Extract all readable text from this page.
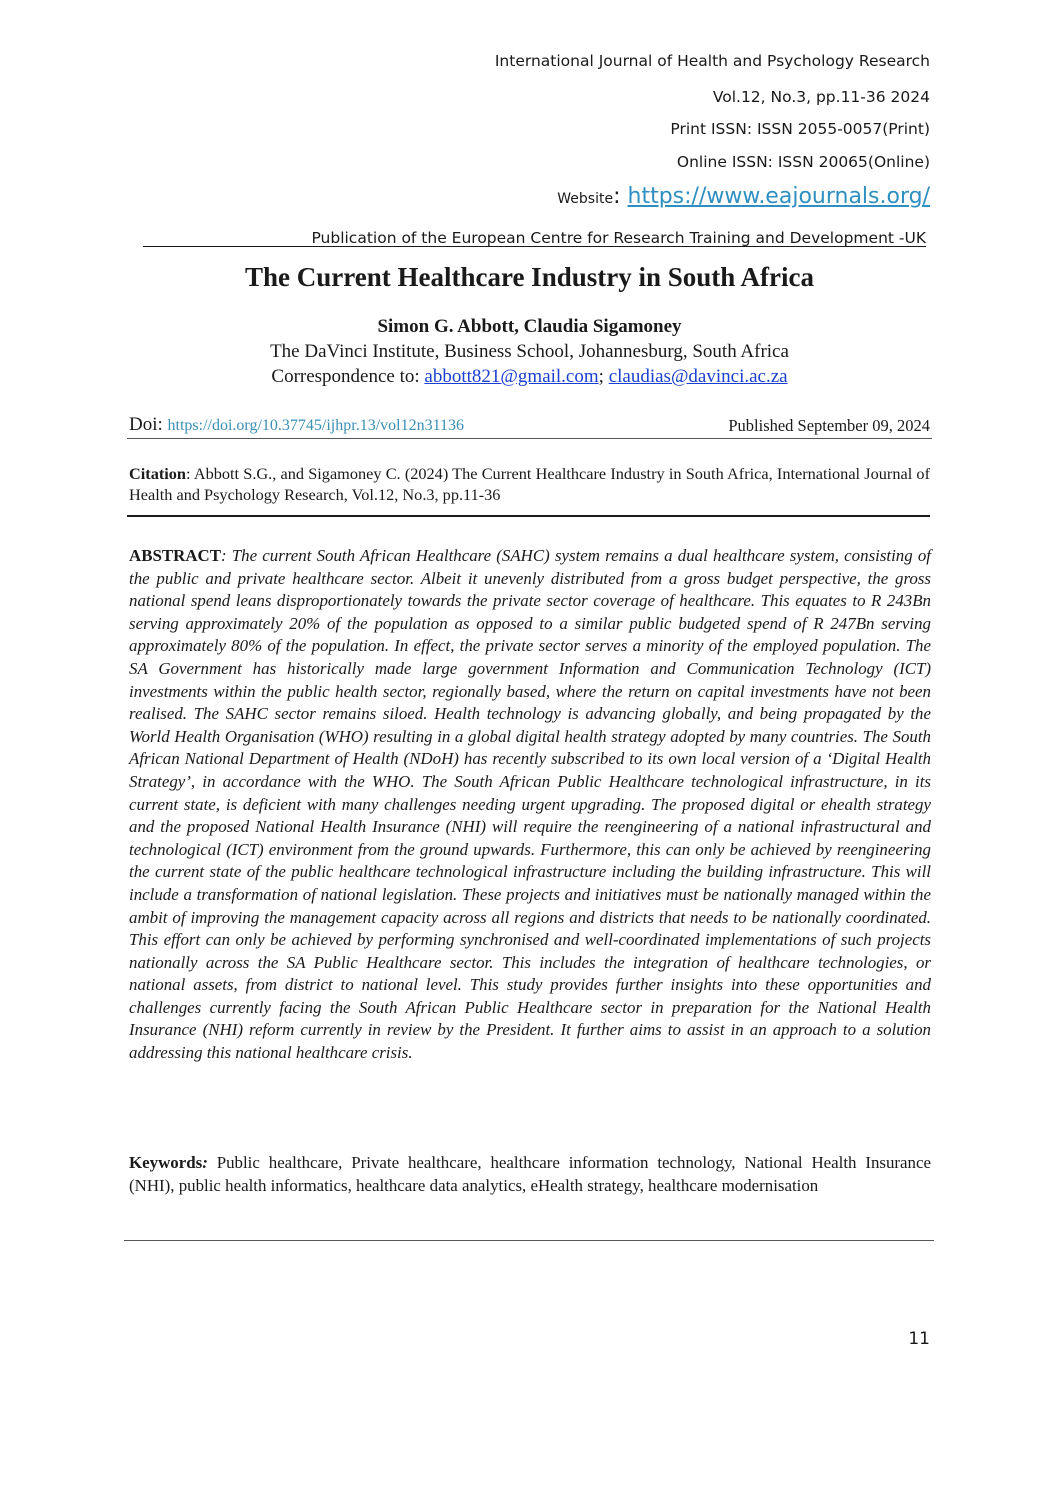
International Journal of Health and Psychology Research
Vol.12, No.3, pp.11-36 2024
Print ISSN: ISSN 2055-0057(Print)
Online ISSN: ISSN 20065(Online)
Website: https://www.eajournals.org/
Publication of the European Centre for Research Training and Development -UK
The Current Healthcare Industry in South Africa
Simon G. Abbott, Claudia Sigamoney
The DaVinci Institute, Business School, Johannesburg, South Africa
Correspondence to: abbott821@gmail.com; claudias@davinci.ac.za
Doi: https://doi.org/10.37745/ijhpr.13/vol12n31136	Published September 09, 2024
Citation: Abbott S.G., and Sigamoney C. (2024) The Current Healthcare Industry in South Africa, International Journal of Health and Psychology Research, Vol.12, No.3, pp.11-36
ABSTRACT: The current South African Healthcare (SAHC) system remains a dual healthcare system, consisting of the public and private healthcare sector. Albeit it unevenly distributed from a gross budget perspective, the gross national spend leans disproportionately towards the private sector coverage of healthcare. This equates to R 243Bn serving approximately 20% of the population as opposed to a similar public budgeted spend of R 247Bn serving approximately 80% of the population. In effect, the private sector serves a minority of the employed population. The SA Government has historically made large government Information and Communication Technology (ICT) investments within the public health sector, regionally based, where the return on capital investments have not been realised. The SAHC sector remains siloed. Health technology is advancing globally, and being propagated by the World Health Organisation (WHO) resulting in a global digital health strategy adopted by many countries. The South African National Department of Health (NDoH) has recently subscribed to its own local version of a ‘Digital Health Strategy’, in accordance with the WHO. The South African Public Healthcare technological infrastructure, in its current state, is deficient with many challenges needing urgent upgrading. The proposed digital or ehealth strategy and the proposed National Health Insurance (NHI) will require the reengineering of a national infrastructural and technological (ICT) environment from the ground upwards. Furthermore, this can only be achieved by reengineering the current state of the public healthcare technological infrastructure including the building infrastructure. This will include a transformation of national legislation. These projects and initiatives must be nationally managed within the ambit of improving the management capacity across all regions and districts that needs to be nationally coordinated. This effort can only be achieved by performing synchronised and well-coordinated implementations of such projects nationally across the SA Public Healthcare sector. This includes the integration of healthcare technologies, or national assets, from district to national level. This study provides further insights into these opportunities and challenges currently facing the South African Public Healthcare sector in preparation for the National Health Insurance (NHI) reform currently in review by the President. It further aims to assist in an approach to a solution addressing this national healthcare crisis.
Keywords: Public healthcare, Private healthcare, healthcare information technology, National Health Insurance (NHI), public health informatics, healthcare data analytics, eHealth strategy, healthcare modernisation
11
